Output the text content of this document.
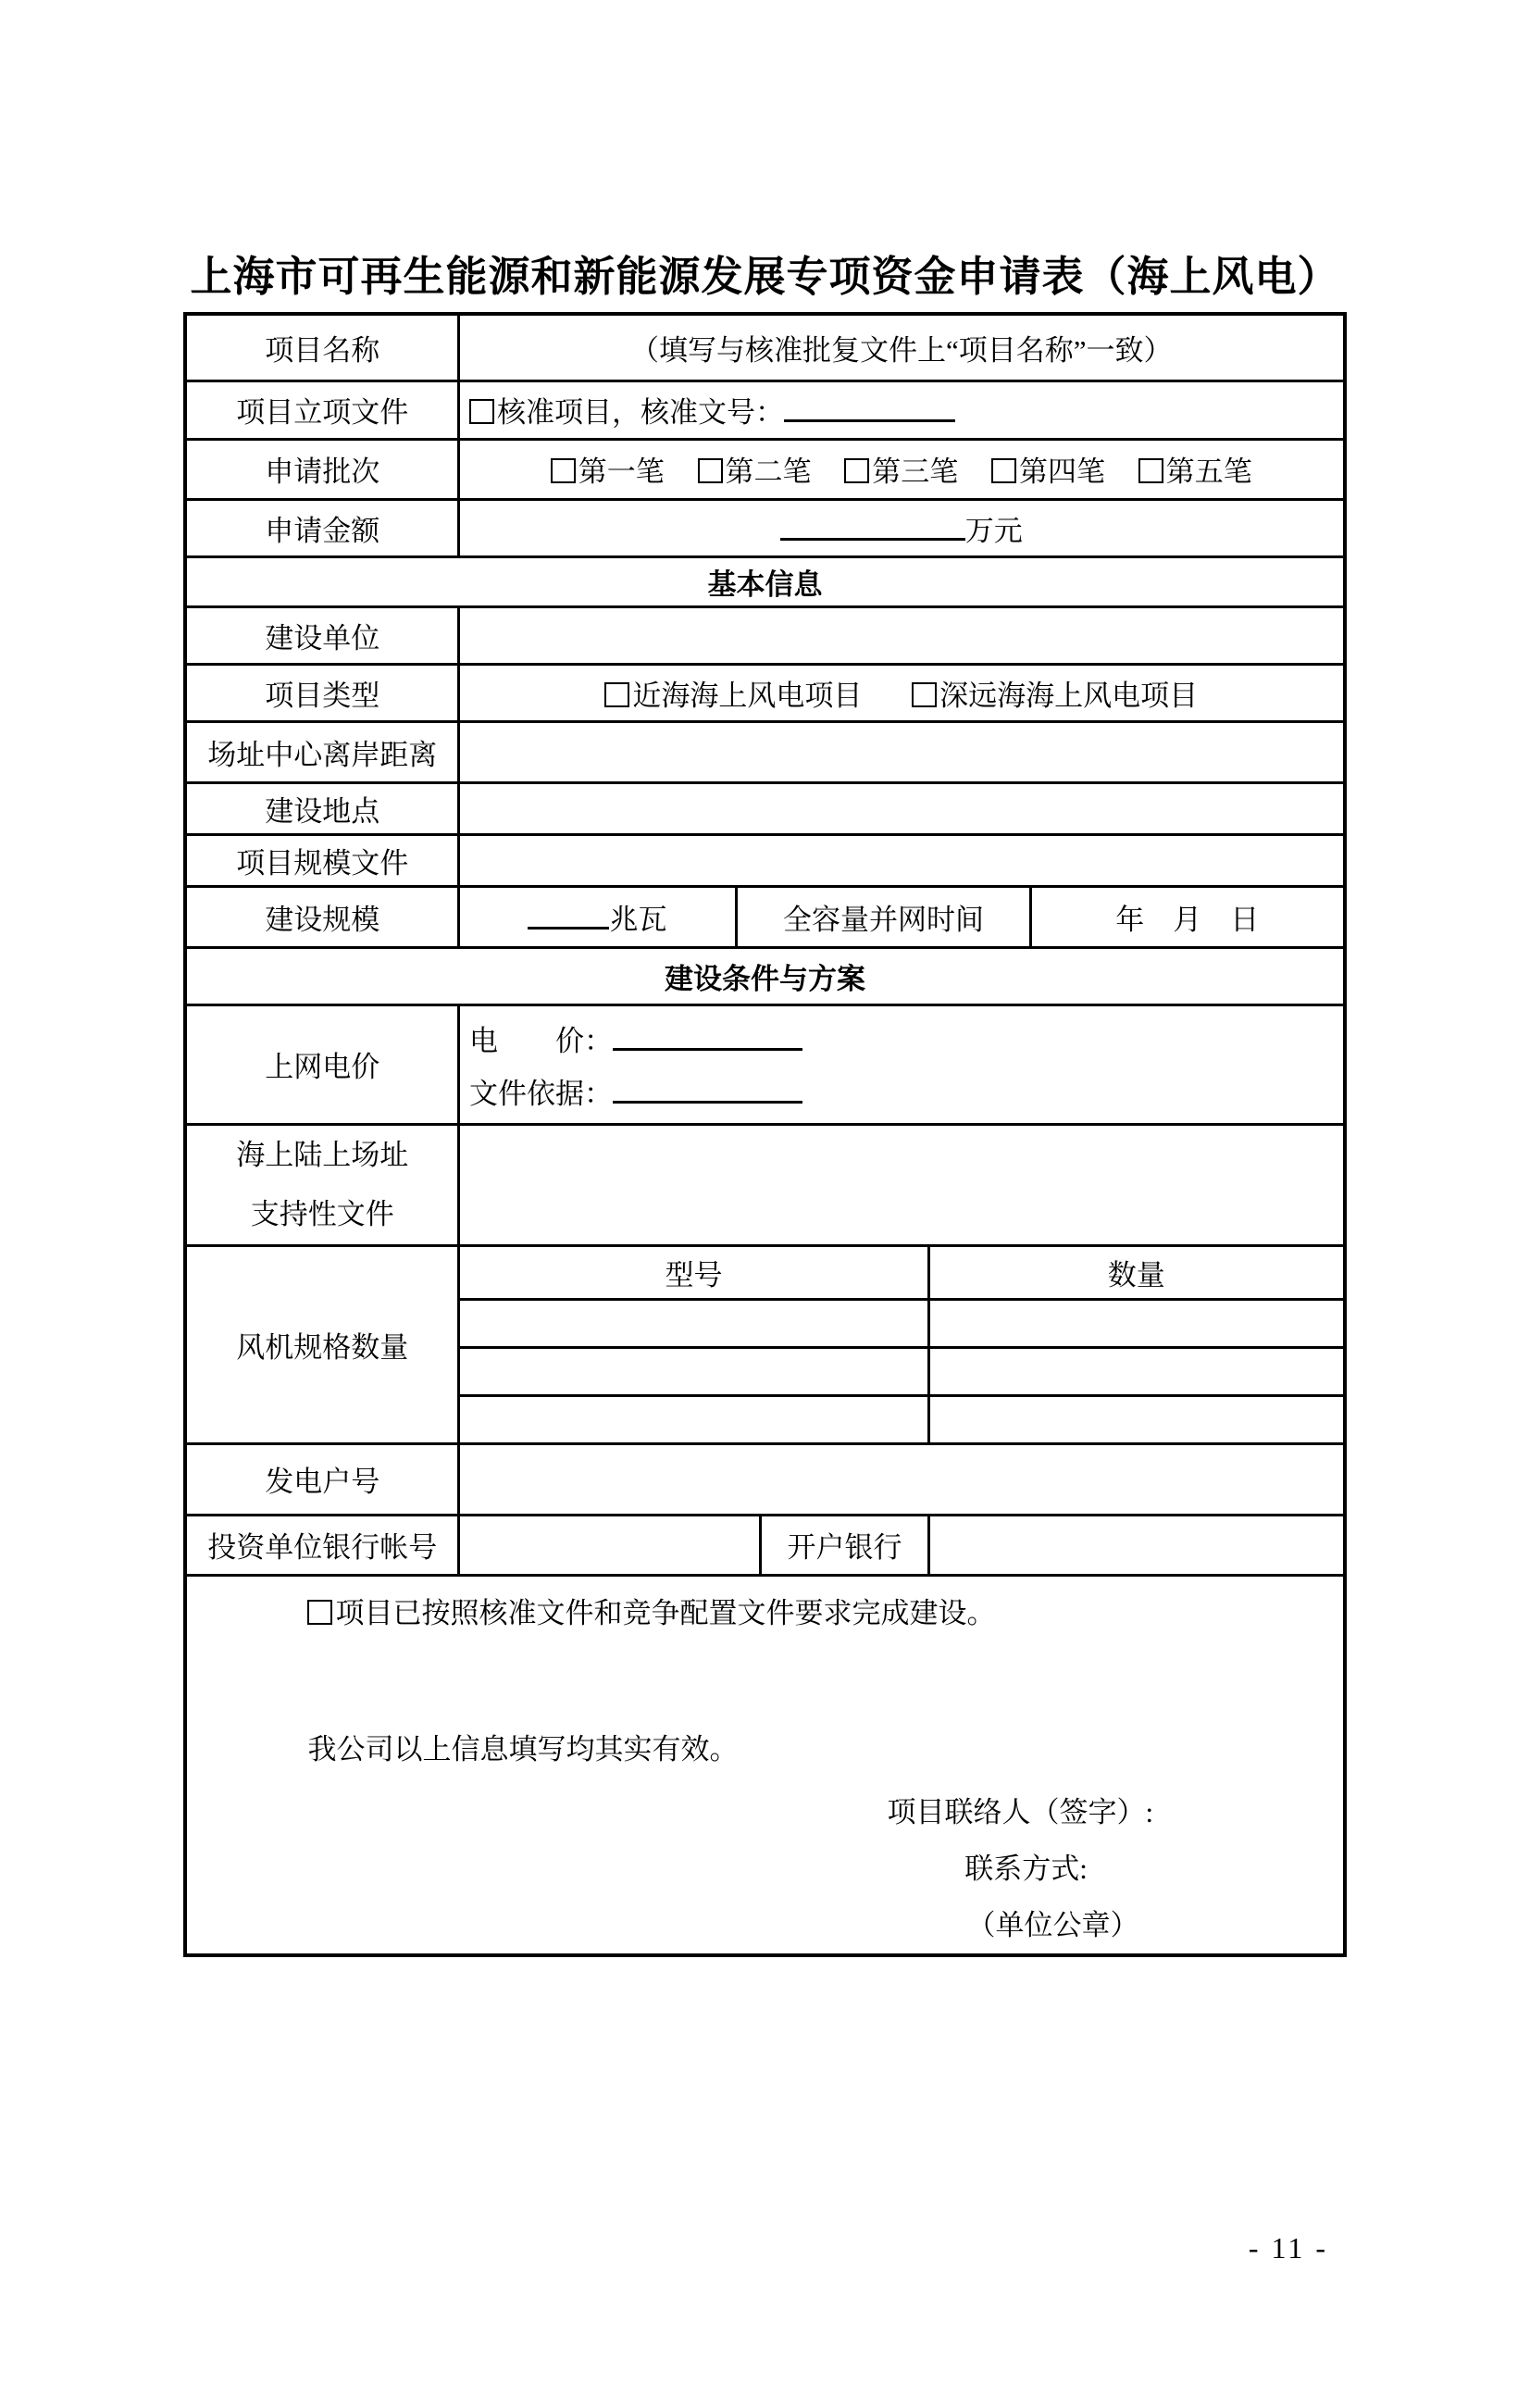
上海市可再生能源和新能源发展专项资金申请表（海上风电）
项目名称	（填写与核准批复文件上“项目名称”一致）				
项目立项文件	核准项目，核准文号：				
申请批次	第一笔 第二笔 第三笔 第四笔 第五笔				
申请金额	万元				
基本信息					
建设单位					
项目类型	近海海上风电项目 深远海海上风电项目				
场址中心离岸距离					
建设地点					
项目规模文件					
建设规模	兆瓦	全容量并网时间			年　月　日
建设条件与方案					
上网电价	电　　价：
文件依据：				

海上陆上场址
支持性文件					

风机规格数量	型号			数量	

发电户号					
投资单位银行帐号			开户银行		

项目已按照核准文件和竞争配置文件要求完成建设。
我公司以上信息填写均其实有效。
项目联络人（签字）:
联系方式:
（单位公章）					
- 11 -
